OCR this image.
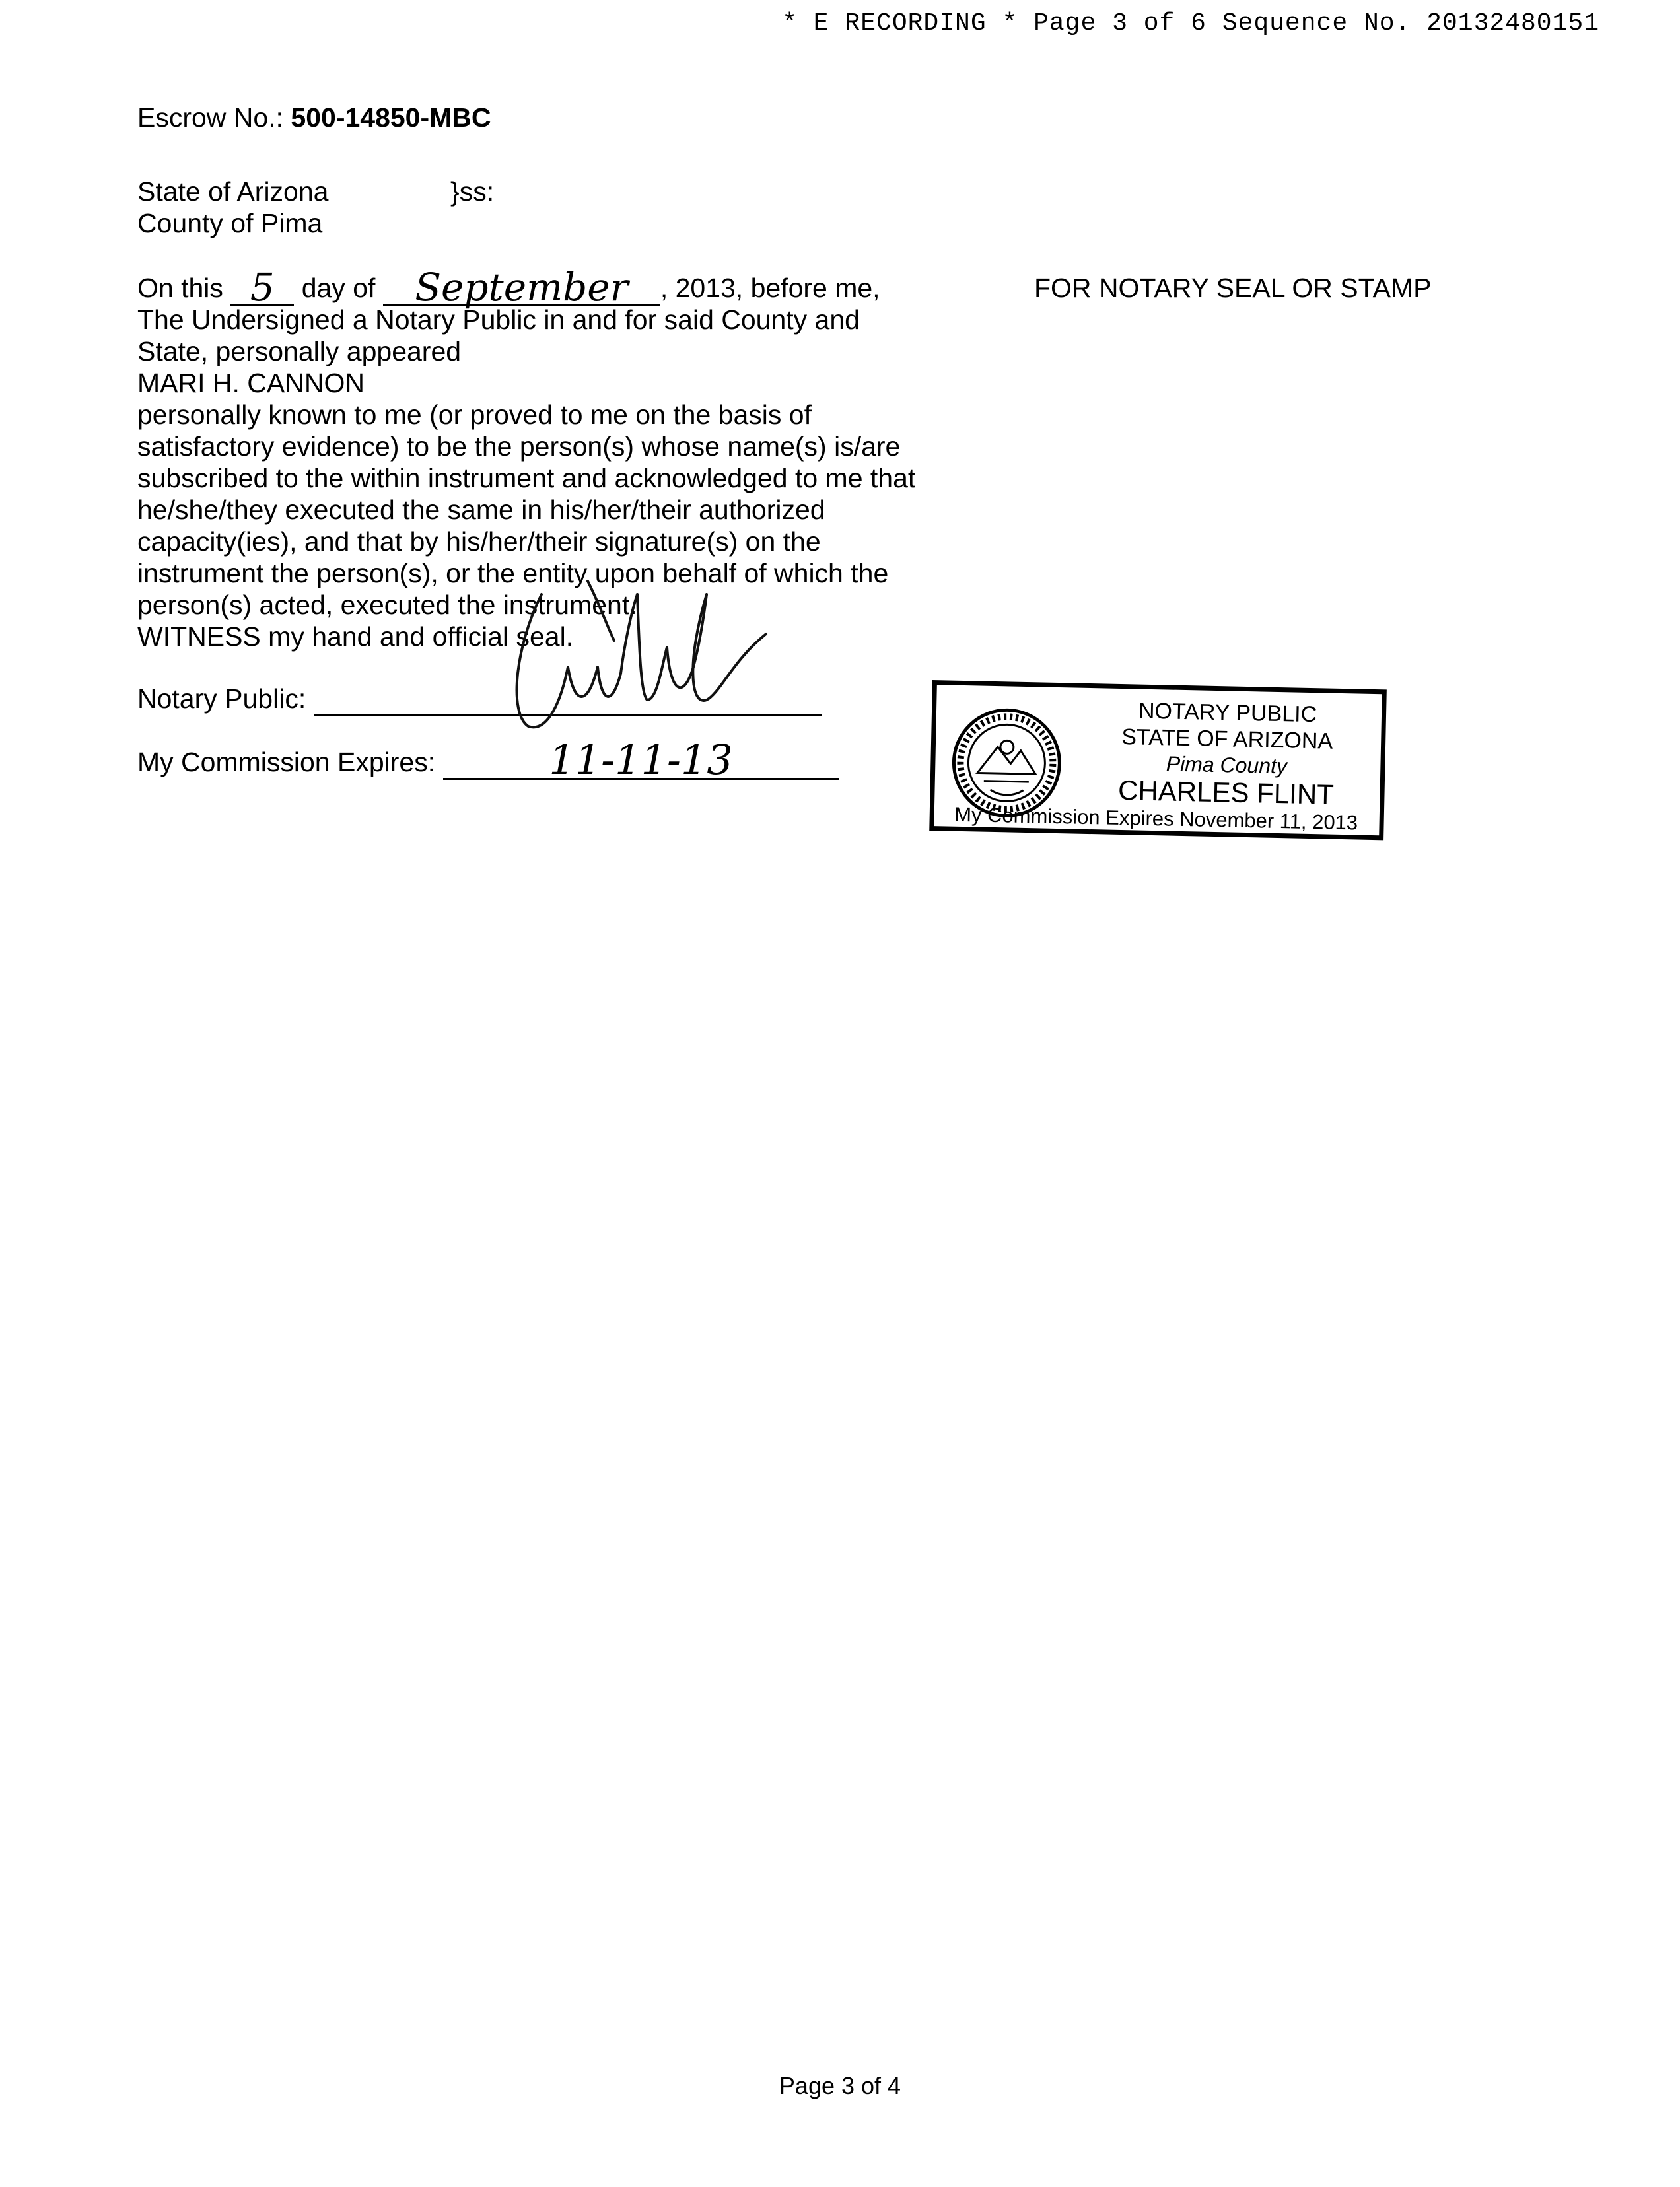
* E RECORDING * Page 3 of 6 Sequence No. 20132480151
Escrow No.: 500-14850-MBC
State of Arizona	}ss:
County of Pima
On this 5 day of	September	, 2013, before me,	FOR NOTARY SEAL OR STAMP
The Undersigned a Notary Public in and for said County and
State, personally appeared
MARI H. CANNON
personally known to me (or proved to me on the basis of
satisfactory evidence) to be the person(s) whose name(s) is/are
subscribed to the within instrument and acknowledged to me that
he/she/they executed the same in his/her/their authorized
capacity(ies), and that by his/her/their signature(s) on the
instrument the person(s), or the entity upon behalf of which the
person(s) acted, executed the instrument.
WITNESS my hand and official seal.
Notary Public:
My Commission Expires:	11-11-13

NOTARY PUBLIC
STATE OF ARIZONA
Pima County
CHARLES FLINT
My Commission Expires November 11, 2013
Page 3 of 4
